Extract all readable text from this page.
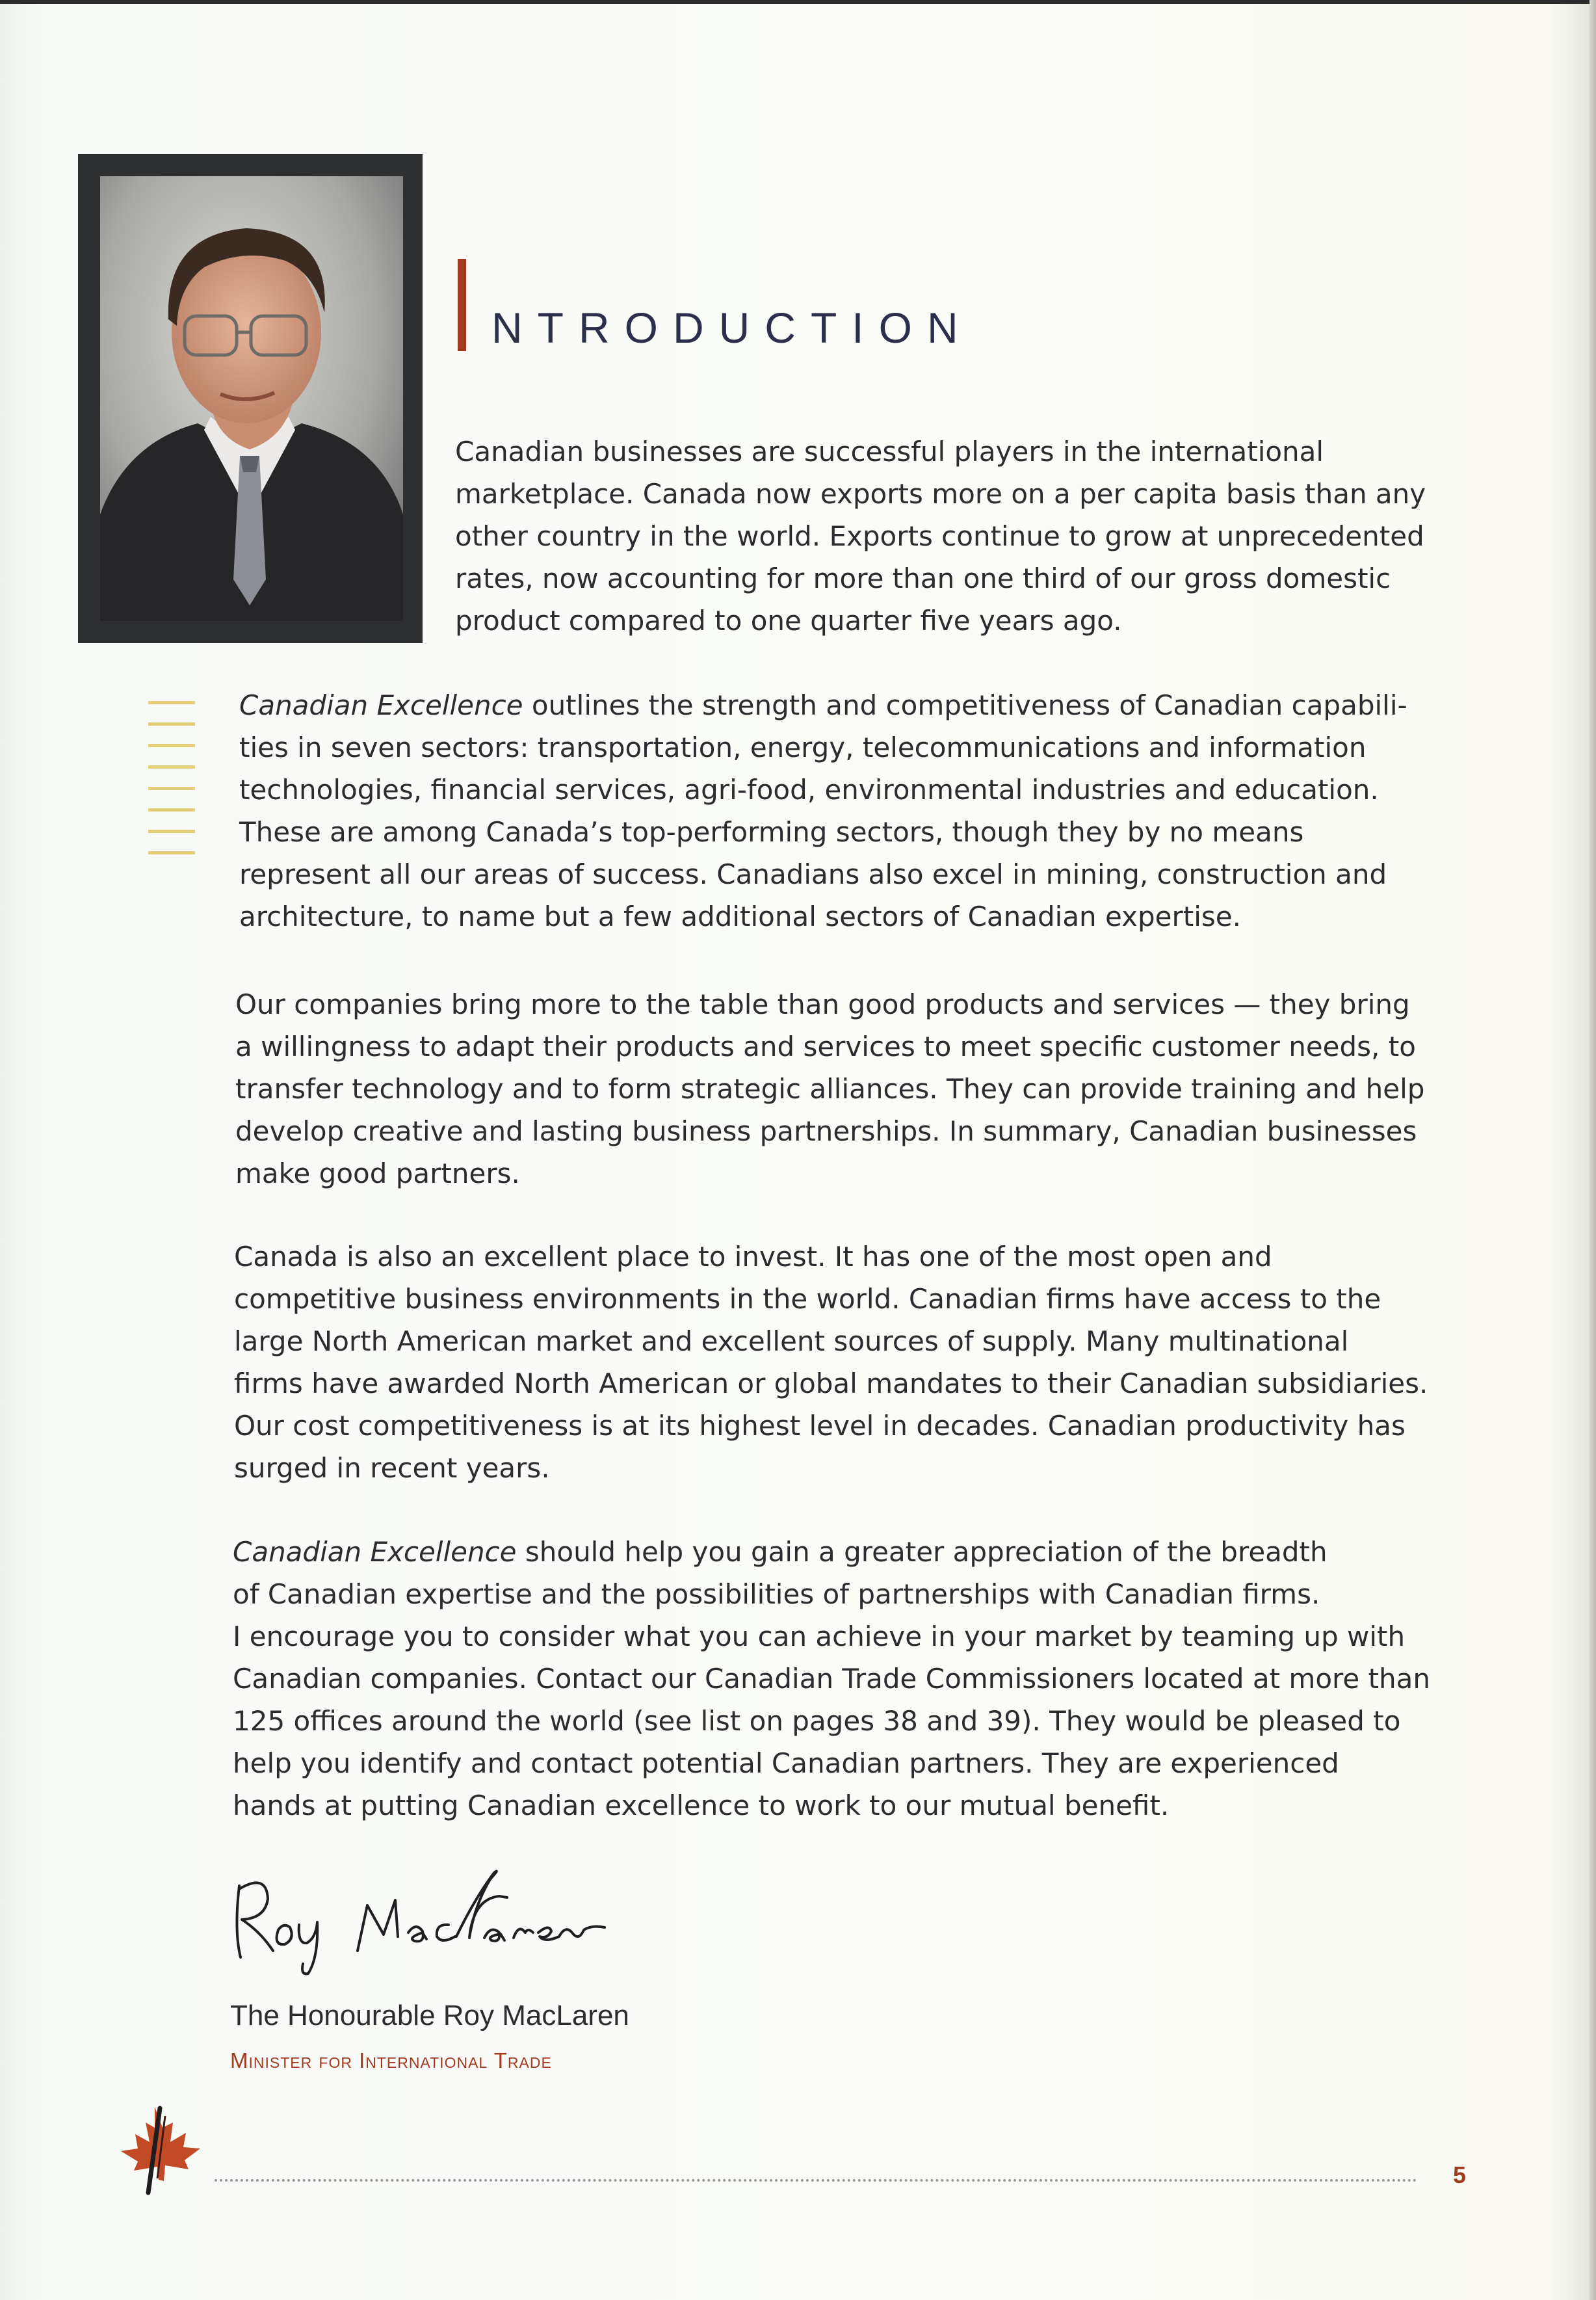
NTRODUCTION

Canadian businesses are successful players in the international
marketplace. Canada now exports more on a per capita basis than any
other country in the world. Exports continue to grow at unprecedented
rates, now accounting for more than one third of our gross domestic
product compared to one quarter five years ago.

Canadian Excellence outlines the strength and competitiveness of Canadian capabili-
ties in seven sectors: transportation, energy, telecommunications and information
technologies, financial services, agri-food, environmental industries and education.
These are among Canada’s top-performing sectors, though they by no means
represent all our areas of success. Canadians also excel in mining, construction and
architecture, to name but a few additional sectors of Canadian expertise.

Our companies bring more to the table than good products and services — they bring
a willingness to adapt their products and services to meet specific customer needs, to
transfer technology and to form strategic alliances. They can provide training and help
develop creative and lasting business partnerships. In summary, Canadian businesses
make good partners.

Canada is also an excellent place to invest. It has one of the most open and
competitive business environments in the world. Canadian firms have access to the
large North American market and excellent sources of supply. Many multinational
firms have awarded North American or global mandates to their Canadian subsidiaries.
Our cost competitiveness is at its highest level in decades. Canadian productivity has
surged in recent years.

Canadian Excellence should help you gain a greater appreciation of the breadth
of Canadian expertise and the possibilities of partnerships with Canadian firms.
I encourage you to consider what you can achieve in your market by teaming up with
Canadian companies. Contact our Canadian Trade Commissioners located at more than
125 offices around the world (see list on pages 38 and 39). They would be pleased to
help you identify and contact potential Canadian partners. They are experienced
hands at putting Canadian excellence to work to our mutual benefit.

The Honourable Roy MacLaren
Minister for International Trade
5
